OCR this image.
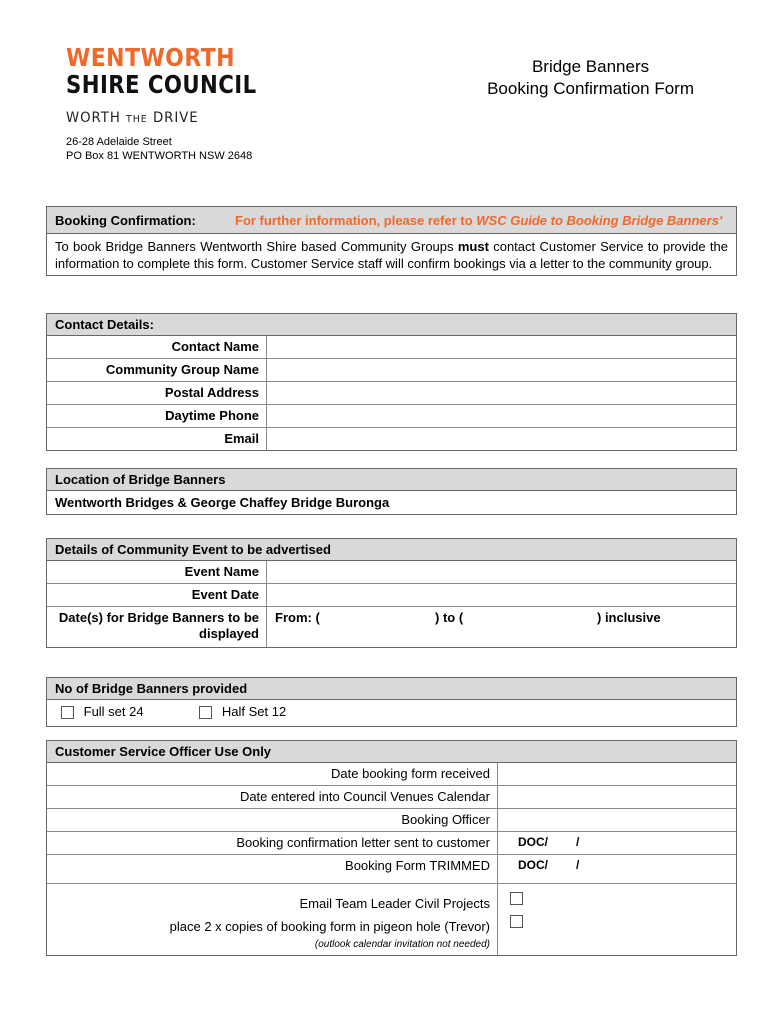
WENTWORTH
SHIRE COUNCIL
WORTH THE DRIVE
26-28 Adelaide Street
PO Box 81 WENTWORTH NSW 2648
Bridge Banners
Booking Confirmation Form
Booking Confirmation:	For further information, please refer to WSC Guide to Booking Bridge Banners'
To book Bridge Banners Wentworth Shire based Community Groups must contact Customer Service to provide the information to complete this form. Customer Service staff will confirm bookings via a letter to the community group.
Contact Details:
Contact Name
Community Group Name
Postal Address
Daytime Phone
Email
Location of Bridge Banners
Wentworth Bridges & George Chaffey Bridge Buronga
Details of Community Event to be advertised
Event Name
Event Date
Date(s) for Bridge Banners to be displayed
From: (	) to (	) inclusive
No of Bridge Banners provided
Full set 24	Half Set 12
Customer Service Officer Use Only
Date booking form received
Date entered into Council Venues Calendar
Booking Officer
Booking confirmation letter sent to customer	DOC/ /
Booking Form TRIMMED	DOC/ /
Email Team Leader Civil Projects
place 2 x copies of booking form in pigeon hole (Trevor)
(outlook calendar invitation not needed)
